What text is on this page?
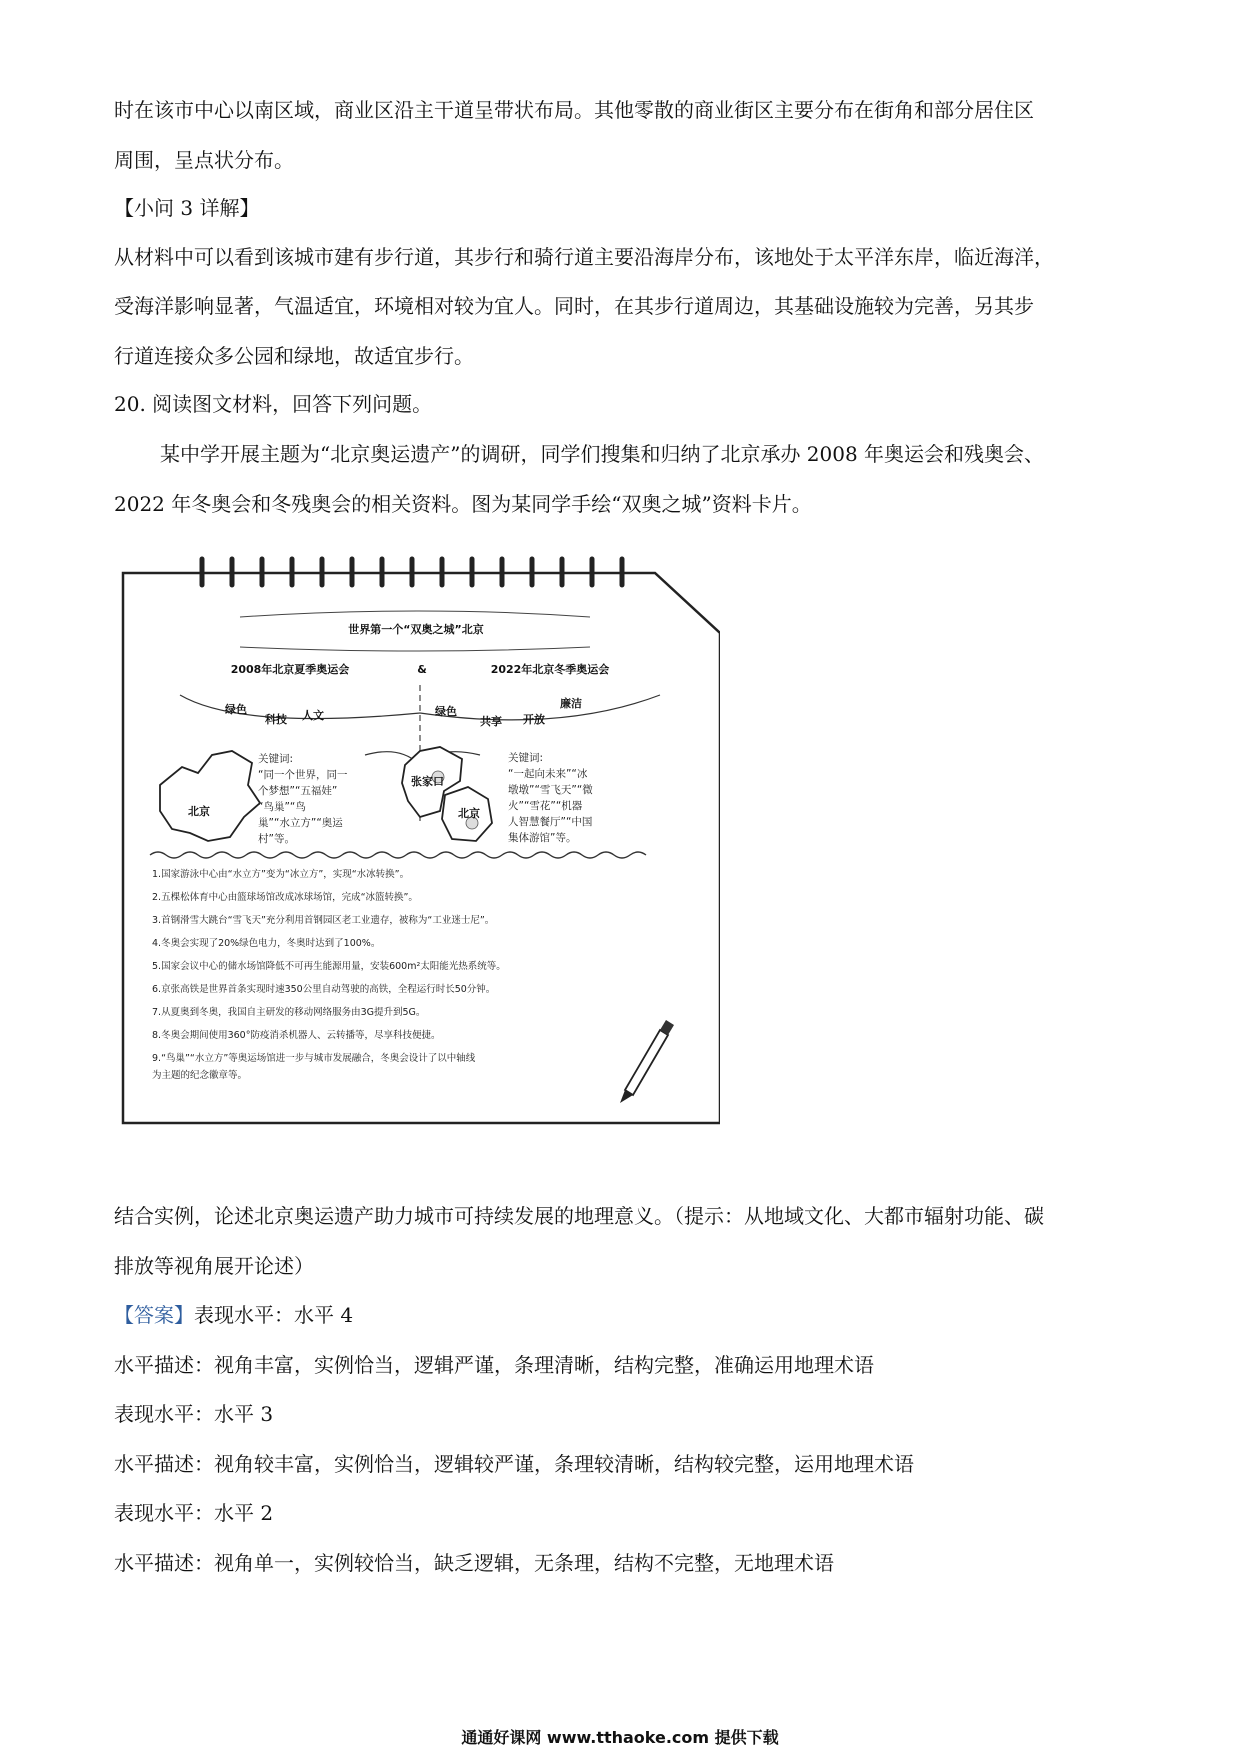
时在该市中心以南区域，商业区沿主干道呈带状布局。其他零散的商业街区主要分布在街角和部分居住区
周围，呈点状分布。
【小问 3 详解】
从材料中可以看到该城市建有步行道，其步行和骑行道主要沿海岸分布，该地处于太平洋东岸，临近海洋，
受海洋影响显著，气温适宜，环境相对较为宜人。同时，在其步行道周边，其基础设施较为完善，另其步
行道连接众多公园和绿地，故适宜步行。
20. 阅读图文材料，回答下列问题。
某中学开展主题为“北京奥运遗产”的调研，同学们搜集和归纳了北京承办 2008 年奥运会和残奥会、
2022 年冬奥会和冬残奥会的相关资料。图为某同学手绘“双奥之城”资料卡片。
世界第一个“双奥之城”北京
2008年北京夏季奥运会	&	2022年北京冬季奥运会
绿色
科技 人文	绿色
共享 开放
廉洁
北京
张家口
北京
关键词:
“同一个世界，同一
个梦想”“五福娃”
“鸟巢”“鸟
巢”“水立方”“奥运
村”等。
关键词:
“一起向未来”“冰
墩墩”“雪飞天”“微
火”“雪花”“机器
人智慧餐厅”“中国
集体游馆”等。
1.国家游泳中心由“水立方”变为“冰立方”，实现“水冰转换”。
2.五棵松体育中心由篮球场馆改成冰球场馆，完成“冰篮转换”。
3.首钢滑雪大跳台“雪飞天”充分利用首钢园区老工业遗存，被称为“工业迷士尼”。
4.冬奥会实现了20%绿色电力，冬奥时达到了100%。
5.国家会议中心的储水场馆降低不可再生能源用量，安装600m²太阳能光热系统等。
6.京张高铁是世界首条实现时速350公里自动驾驶的高铁，全程运行时长50分钟。
7.从夏奥到冬奥，我国自主研发的移动网络服务由3G提升到5G。
8.冬奥会期间使用360°防疫消杀机器人、云转播等，尽享科技便捷。
9.“鸟巢”“水立方”等奥运场馆进一步与城市发展融合，冬奥会设计了以中轴线
为主题的纪念徽章等。
结合实例，论述北京奥运遗产助力城市可持续发展的地理意义。（提示：从地域文化、大都市辐射功能、碳
排放等视角展开论述）
【答案】表现水平：水平 4
水平描述：视角丰富，实例恰当，逻辑严谨，条理清晰，结构完整，准确运用地理术语
表现水平：水平 3
水平描述：视角较丰富，实例恰当，逻辑较严谨，条理较清晰，结构较完整，运用地理术语
表现水平：水平 2
水平描述：视角单一，实例较恰当，缺乏逻辑，无条理，结构不完整，无地理术语
通通好课网 www.tthaoke.com 提供下载
